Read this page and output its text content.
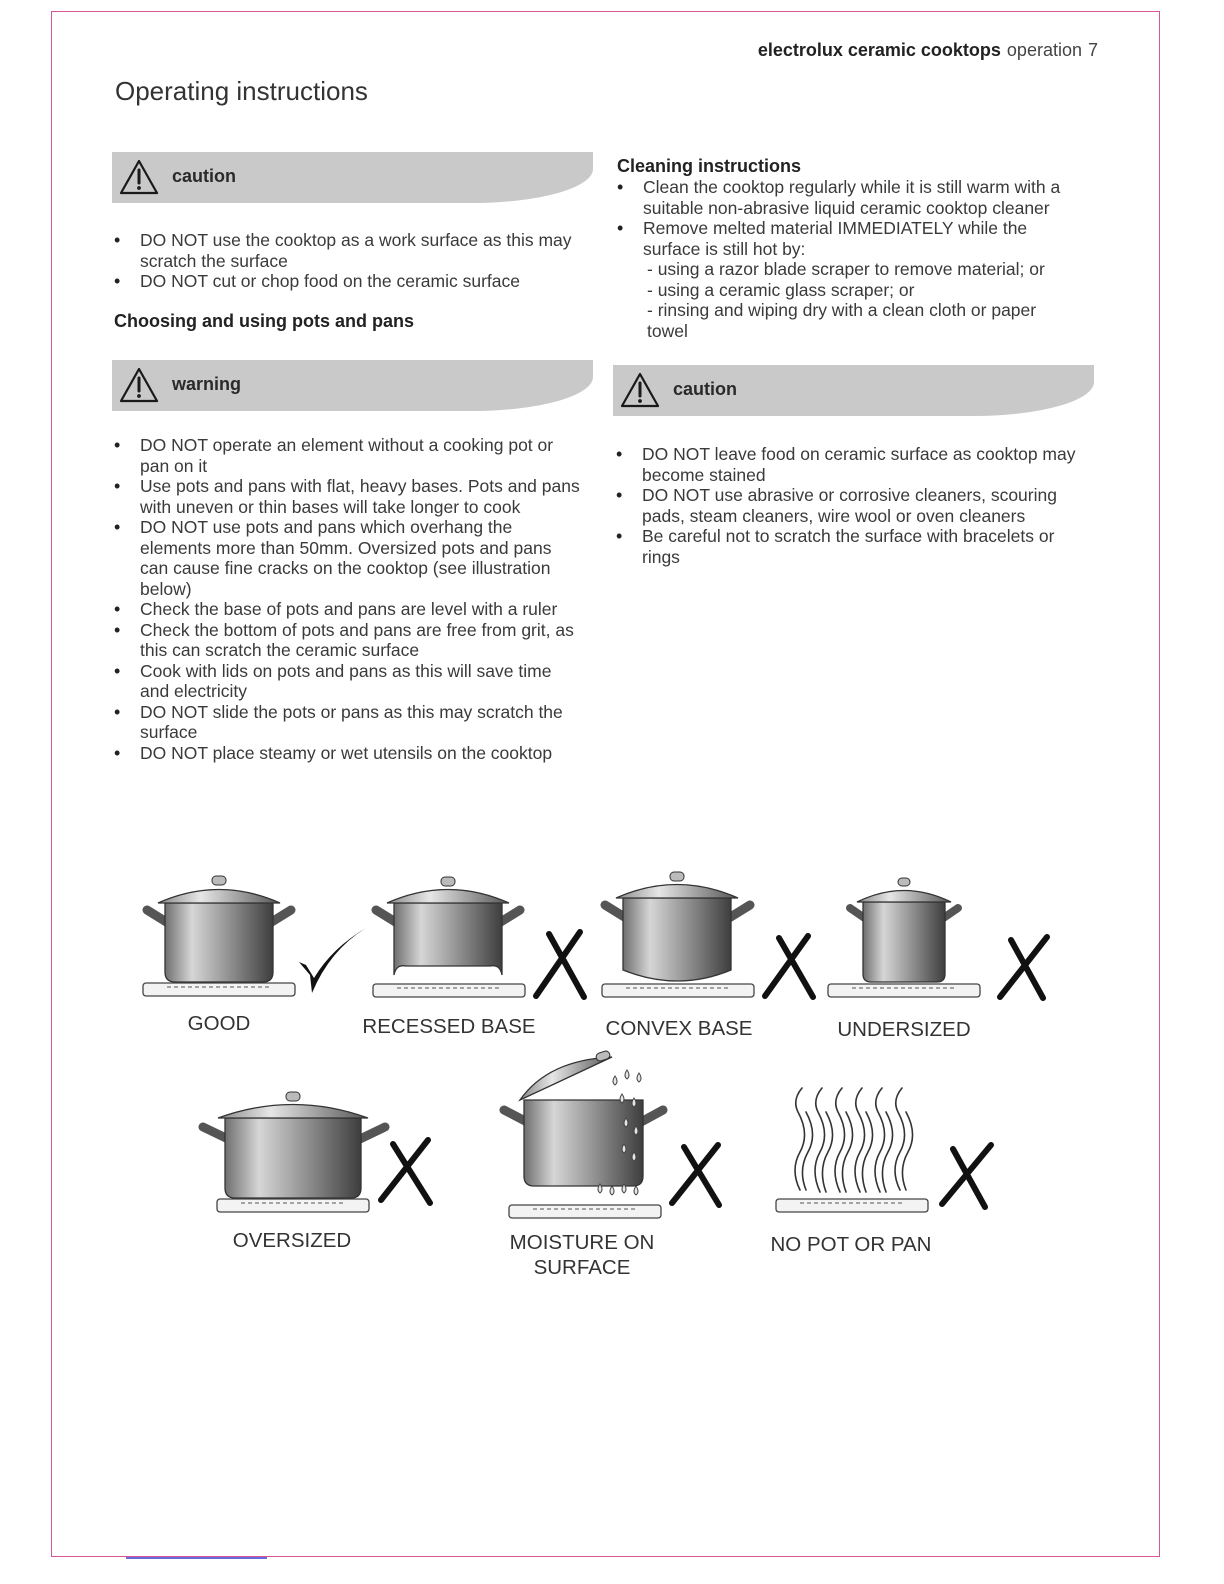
electrolux ceramic cooktops operation 7
Operating instructions
caution
• DO NOT use the cooktop as a work surface as this may scratch the surface
• DO NOT cut or chop food on the ceramic surface
Choosing and using pots and pans
warning
• DO NOT operate an element without a cooking pot or pan on it
• Use pots and pans with flat, heavy bases. Pots and pans with uneven or thin bases will take longer to cook
• DO NOT use pots and pans which overhang the elements more than 50mm. Oversized pots and pans can cause fine cracks on the cooktop (see illustration below)
• Check the base of pots and pans are level with a ruler
• Check the bottom of pots and pans are free from grit, as this can scratch the ceramic surface
• Cook with lids on pots and pans as this will save time and electricity
• DO NOT slide the pots or pans as this may scratch the surface
• DO NOT place steamy or wet utensils on the cooktop
Cleaning instructions
• Clean the cooktop regularly while it is still warm with a suitable non-abrasive liquid ceramic cooktop cleaner
• Remove melted material IMMEDIATELY while the surface is still hot by:
- using a razor blade scraper to remove material; or
- using a ceramic glass scraper; or
- rinsing and wiping dry with a clean cloth or paper towel
caution
• DO NOT leave food on ceramic surface as cooktop may become stained
• DO NOT use abrasive or corrosive cleaners, scouring pads, steam cleaners, wire wool or oven cleaners
• Be careful not to scratch the surface with bracelets or rings
GOOD	RECESSED BASE	CONVEX BASE	UNDERSIZED
OVERSIZED	MOISTURE ON
SURFACE
NO POT OR PAN
